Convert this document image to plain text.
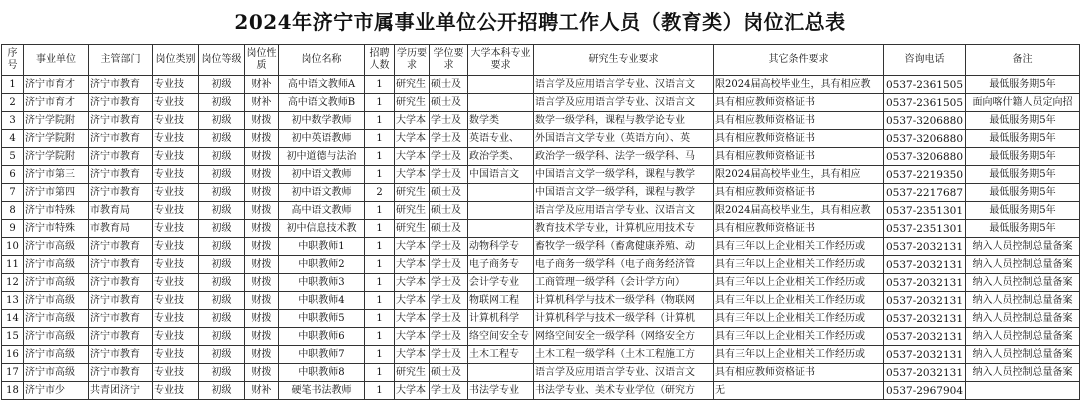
2024年济宁市属事业单位公开招聘工作人员（教育类）岗位汇总表
序号	事业单位	主管部门	岗位类别	岗位等级	岗位性质	岗位名称	招聘人数	学历要求	学位要求	大学本科专业要求	研究生专业要求	其它条件要求	咨询电话	备注
1	济宁市育才	济宁市教育	专业技	初级	财补	高中语文教师A	1	研究生	硕士及		语言学及应用语言学专业、汉语言文	限2024届高校毕业生，具有相应教	0537-2361505	最低服务期5年
2	济宁市育才	济宁市教育	专业技	初级	财补	高中语文教师B	1	研究生	硕士及		语言学及应用语言学专业、汉语言文	具有相应教师资格证书	0537-2361505	面向喀什籍人员定向招
3	济宁学院附	济宁市教育	专业技	初级	财拨	初中数学教师	1	大学本	学士及	数学类	数学一级学科，课程与教学论专业	具有相应教师资格证书	0537-3206880	最低服务期5年
4	济宁学院附	济宁市教育	专业技	初级	财拨	初中英语教师	1	大学本	学士及	英语专业、	外国语言文学专业（英语方向）、英	具有相应教师资格证书	0537-3206880	最低服务期5年
5	济宁学院附	济宁市教育	专业技	初级	财拨	初中道德与法治	1	大学本	学士及	政治学类、	政治学一级学科、法学一级学科、马	具有相应教师资格证书	0537-3206880	最低服务期5年
6	济宁市第三	济宁市教育	专业技	初级	财拨	初中语文教师	1	大学本	学士及	中国语言文	中国语言文学一级学科，课程与教学	限2024届高校毕业生，具有相应	0537-2219350	最低服务期5年
7	济宁市第四	济宁市教育	专业技	初级	财拨	初中语文教师	2	研究生	硕士及		中国语言文学一级学科，课程与教学	具有相应教师资格证书	0537-2217687	最低服务期5年
8	济宁市特殊	市教育局	专业技	初级	财拨	高中语文教师	1	研究生	硕士及		语言学及应用语言学专业、汉语言文	限2024届高校毕业生，具有相应教	0537-2351301	最低服务期5年
9	济宁市特殊	市教育局	专业技	初级	财拨	初中信息技术教	1	研究生	硕士及		教育技术学专业，计算机应用技术专	具有相应教师资格证书	0537-2351301	最低服务期5年
10	济宁市高级	济宁市教育	专业技	初级	财拨	中职教师1	1	大学本	学士及	动物科学专	畜牧学一级学科（畜禽健康养殖、动	具有三年以上企业相关工作经历或	0537-2032131	纳入人员控制总量备案
11	济宁市高级	济宁市教育	专业技	初级	财拨	中职教师2	1	大学本	学士及	电子商务专	电子商务一级学科（电子商务经济管	具有三年以上企业相关工作经历或	0537-2032131	纳入人员控制总量备案
12	济宁市高级	济宁市教育	专业技	初级	财拨	中职教师3	1	大学本	学士及	会计学专业	工商管理一级学科（会计学方向）	具有三年以上企业相关工作经历或	0537-2032131	纳入人员控制总量备案
13	济宁市高级	济宁市教育	专业技	初级	财拨	中职教师4	1	大学本	学士及	物联网工程	计算机科学与技术一级学科（物联网	具有三年以上企业相关工作经历或	0537-2032131	纳入人员控制总量备案
14	济宁市高级	济宁市教育	专业技	初级	财拨	中职教师5	1	大学本	学士及	计算机科学	计算机科学与技术一级学科（计算机	具有三年以上企业相关工作经历或	0537-2032131	纳入人员控制总量备案
15	济宁市高级	济宁市教育	专业技	初级	财拨	中职教师6	1	大学本	学士及	络空间安全专	网络空间安全一级学科（网络安全方	具有三年以上企业相关工作经历或	0537-2032131	纳入人员控制总量备案
16	济宁市高级	济宁市教育	专业技	初级	财拨	中职教师7	1	大学本	学士及	土木工程专	土木工程一级学科（土木工程施工方	具有三年以上企业相关工作经历或	0537-2032131	纳入人员控制总量备案
17	济宁市高级	济宁市教育	专业技	初级	财拨	中职教师8	1	研究生	硕士及		语言学及应用语言学专业、汉语言文	具有相应教师资格证书	0537-2032131	纳入人员控制总量备案
18	济宁市少	共青团济宁	专业技	初级	财补	硬笔书法教师	1	大学本	学士及	书法学专业	书法学专业、美术专业学位（研究方	无	0537-2967904	
